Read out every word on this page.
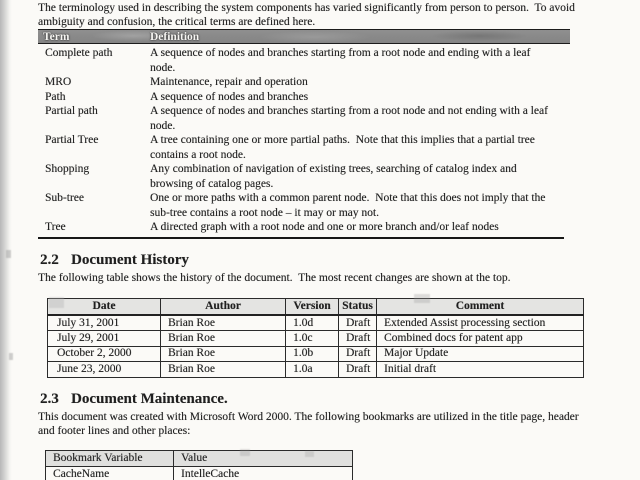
The terminology used in describing the system components has varied significantly from person to person.  To avoid ambiguity and confusion, the critical terms are defined here.

Term	Definition
Complete path	A sequence of nodes and branches starting from a root node and ending with a leaf node.
MRO	Maintenance, repair and operation
Path	A sequence of nodes and branches
Partial path	A sequence of nodes and branches starting from a root node and not ending with a leaf node.
Partial Tree	A tree containing one or more partial paths.  Note that this implies that a partial tree contains a root node.
Shopping	Any combination of navigation of existing trees, searching of catalog index and browsing of catalog pages.
Sub-tree	One or more paths with a common parent node.  Note that this does not imply that the sub-tree contains a root node – it may or may not.
Tree	A directed graph with a root node and one or more branch and/or leaf nodes
2.2 Document History

The following table shows the history of the document.  The most recent changes are shown at the top.

Date	Author	Version	Status	Comment
July 31, 2001	Brian Roe	1.0d	Draft	Extended Assist processing section
July 29, 2001	Brian Roe	1.0c	Draft	Combined docs for patent app
October 2, 2000	Brian Roe	1.0b	Draft	Major Update
June 23, 2000	Brian Roe	1.0a	Draft	Initial draft
2.3 Document Maintenance.

This document was created with Microsoft Word 2000. The following bookmarks are utilized in the title page, header and footer lines and other places:

Bookmark Variable	Value
CacheName	IntelleCache
